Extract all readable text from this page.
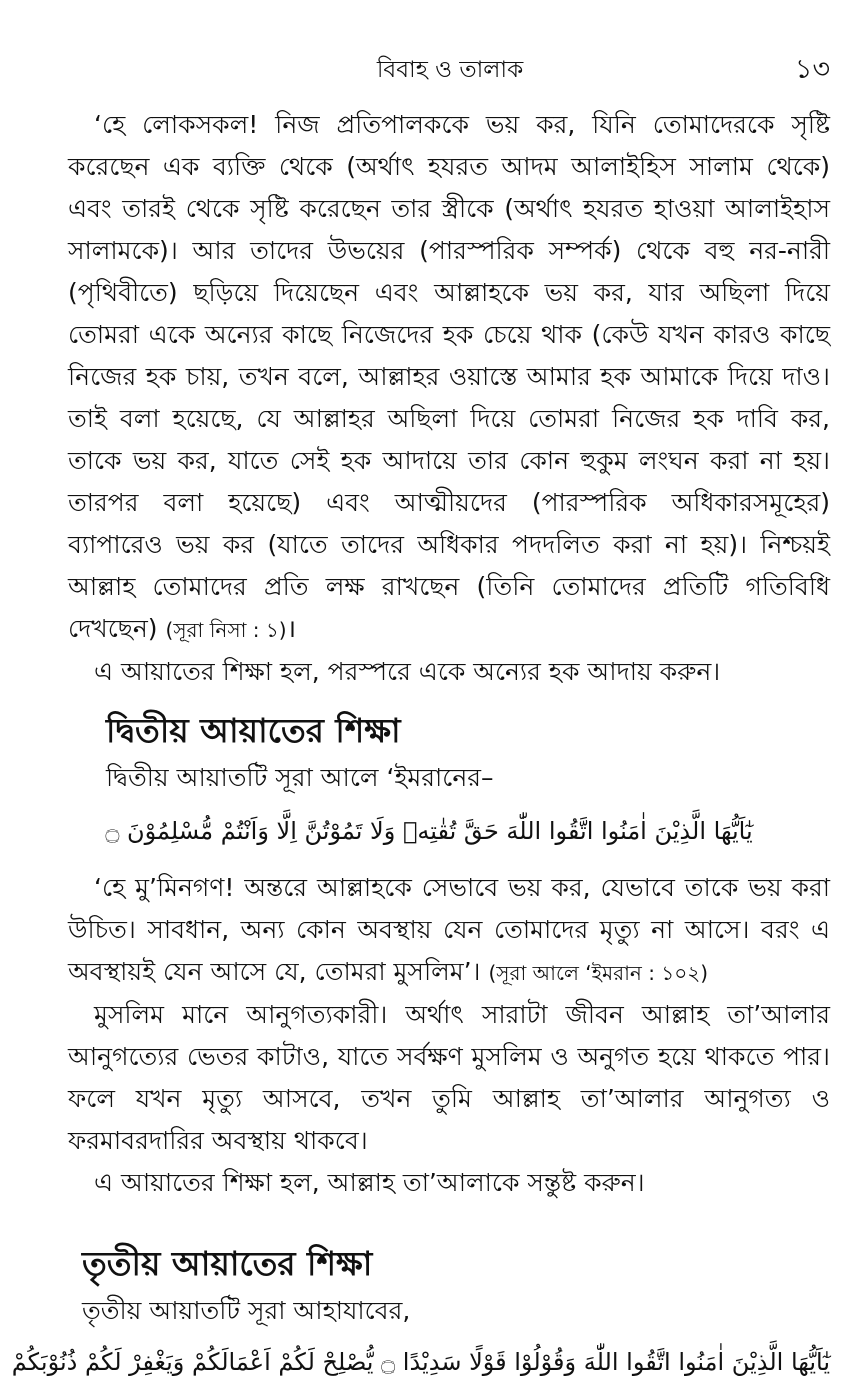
বিবাহ ও তালাক	১৩

‘হে লোকসকল! নিজ প্রতিপালককে ভয় কর, যিনি তোমাদেরকে সৃষ্টি করেছেন এক ব্যক্তি থেকে (অর্থাৎ হযরত আদম আলাইহিস সালাম থেকে) এবং তারই থেকে সৃষ্টি করেছেন তার স্ত্রীকে (অর্থাৎ হযরত হাওয়া আলাইহাস সালামকে)। আর তাদের উভয়ের (পারস্পরিক সম্পর্ক) থেকে বহু নর-নারী (পৃথিবীতে) ছড়িয়ে দিয়েছেন এবং আল্লাহকে ভয় কর, যার অছিলা দিয়ে তোমরা একে অন্যের কাছে নিজেদের হক চেয়ে থাক (কেউ যখন কারও কাছে নিজের হক চায়, তখন বলে, আল্লাহর ওয়াস্তে আমার হক আমাকে দিয়ে দাও। তাই বলা হয়েছে, যে আল্লাহর অছিলা দিয়ে তোমরা নিজের হক দাবি কর, তাকে ভয় কর, যাতে সেই হক আদায়ে তার কোন হুকুম লংঘন করা না হয়। তারপর বলা হয়েছে) এবং আত্মীয়দের (পারস্পরিক অধিকারসমূহের) ব্যাপারেও ভয় কর (যাতে তাদের অধিকার পদদলিত করা না হয়)। নিশ্চয়ই আল্লাহ তোমাদের প্রতি লক্ষ রাখছেন (তিনি তোমাদের প্রতিটি গতিবিধি দেখছেন) (সূরা নিসা : ১)।

এ আয়াতের শিক্ষা হল, পরস্পরে একে অন্যের হক আদায় করুন।

দ্বিতীয় আয়াতের শিক্ষা

দ্বিতীয় আয়াতটি সূরা আলে ‘ইমরানের–

يٰٓاَيُّهَا الَّذِيْنَ اٰمَنُوا اتَّقُوا اللّٰهَ حَقَّ تُقٰتِهٖ وَلَا تَمُوْتُنَّ اِلَّا وَاَنْتُمْ مُّسْلِمُوْنَ ۝

‘হে মু’মিনগণ! অন্তরে আল্লাহকে সেভাবে ভয় কর, যেভাবে তাকে ভয় করা উচিত। সাবধান, অন্য কোন অবস্থায় যেন তোমাদের মৃত্যু না আসে। বরং এ অবস্থায়ই যেন আসে যে, তোমরা মুসলিম’। (সূরা আলে ‘ইমরান : ১০২)

মুসলিম মানে আনুগত্যকারী। অর্থাৎ সারাটা জীবন আল্লাহ তা’আলার আনুগত্যের ভেতর কাটাও, যাতে সর্বক্ষণ মুসলিম ও অনুগত হয়ে থাকতে পার। ফলে যখন মৃত্যু আসবে, তখন তুমি আল্লাহ তা’আলার আনুগত্য ও ফরমাবরদারির অবস্থায় থাকবে।

এ আয়াতের শিক্ষা হল, আল্লাহ তা’আলাকে সন্তুষ্ট করুন।

তৃতীয় আয়াতের শিক্ষা

তৃতীয় আয়াতটি সূরা আহাযাবের,

يٰٓاَيُّهَا الَّذِيْنَ اٰمَنُوا اتَّقُوا اللّٰهَ وَقُوْلُوْا قَوْلًا سَدِيْدًا ۝ يُّصْلِحْ لَكُمْ اَعْمَالَكُمْ وَيَغْفِرْ لَكُمْ ذُنُوْبَكُمْ
